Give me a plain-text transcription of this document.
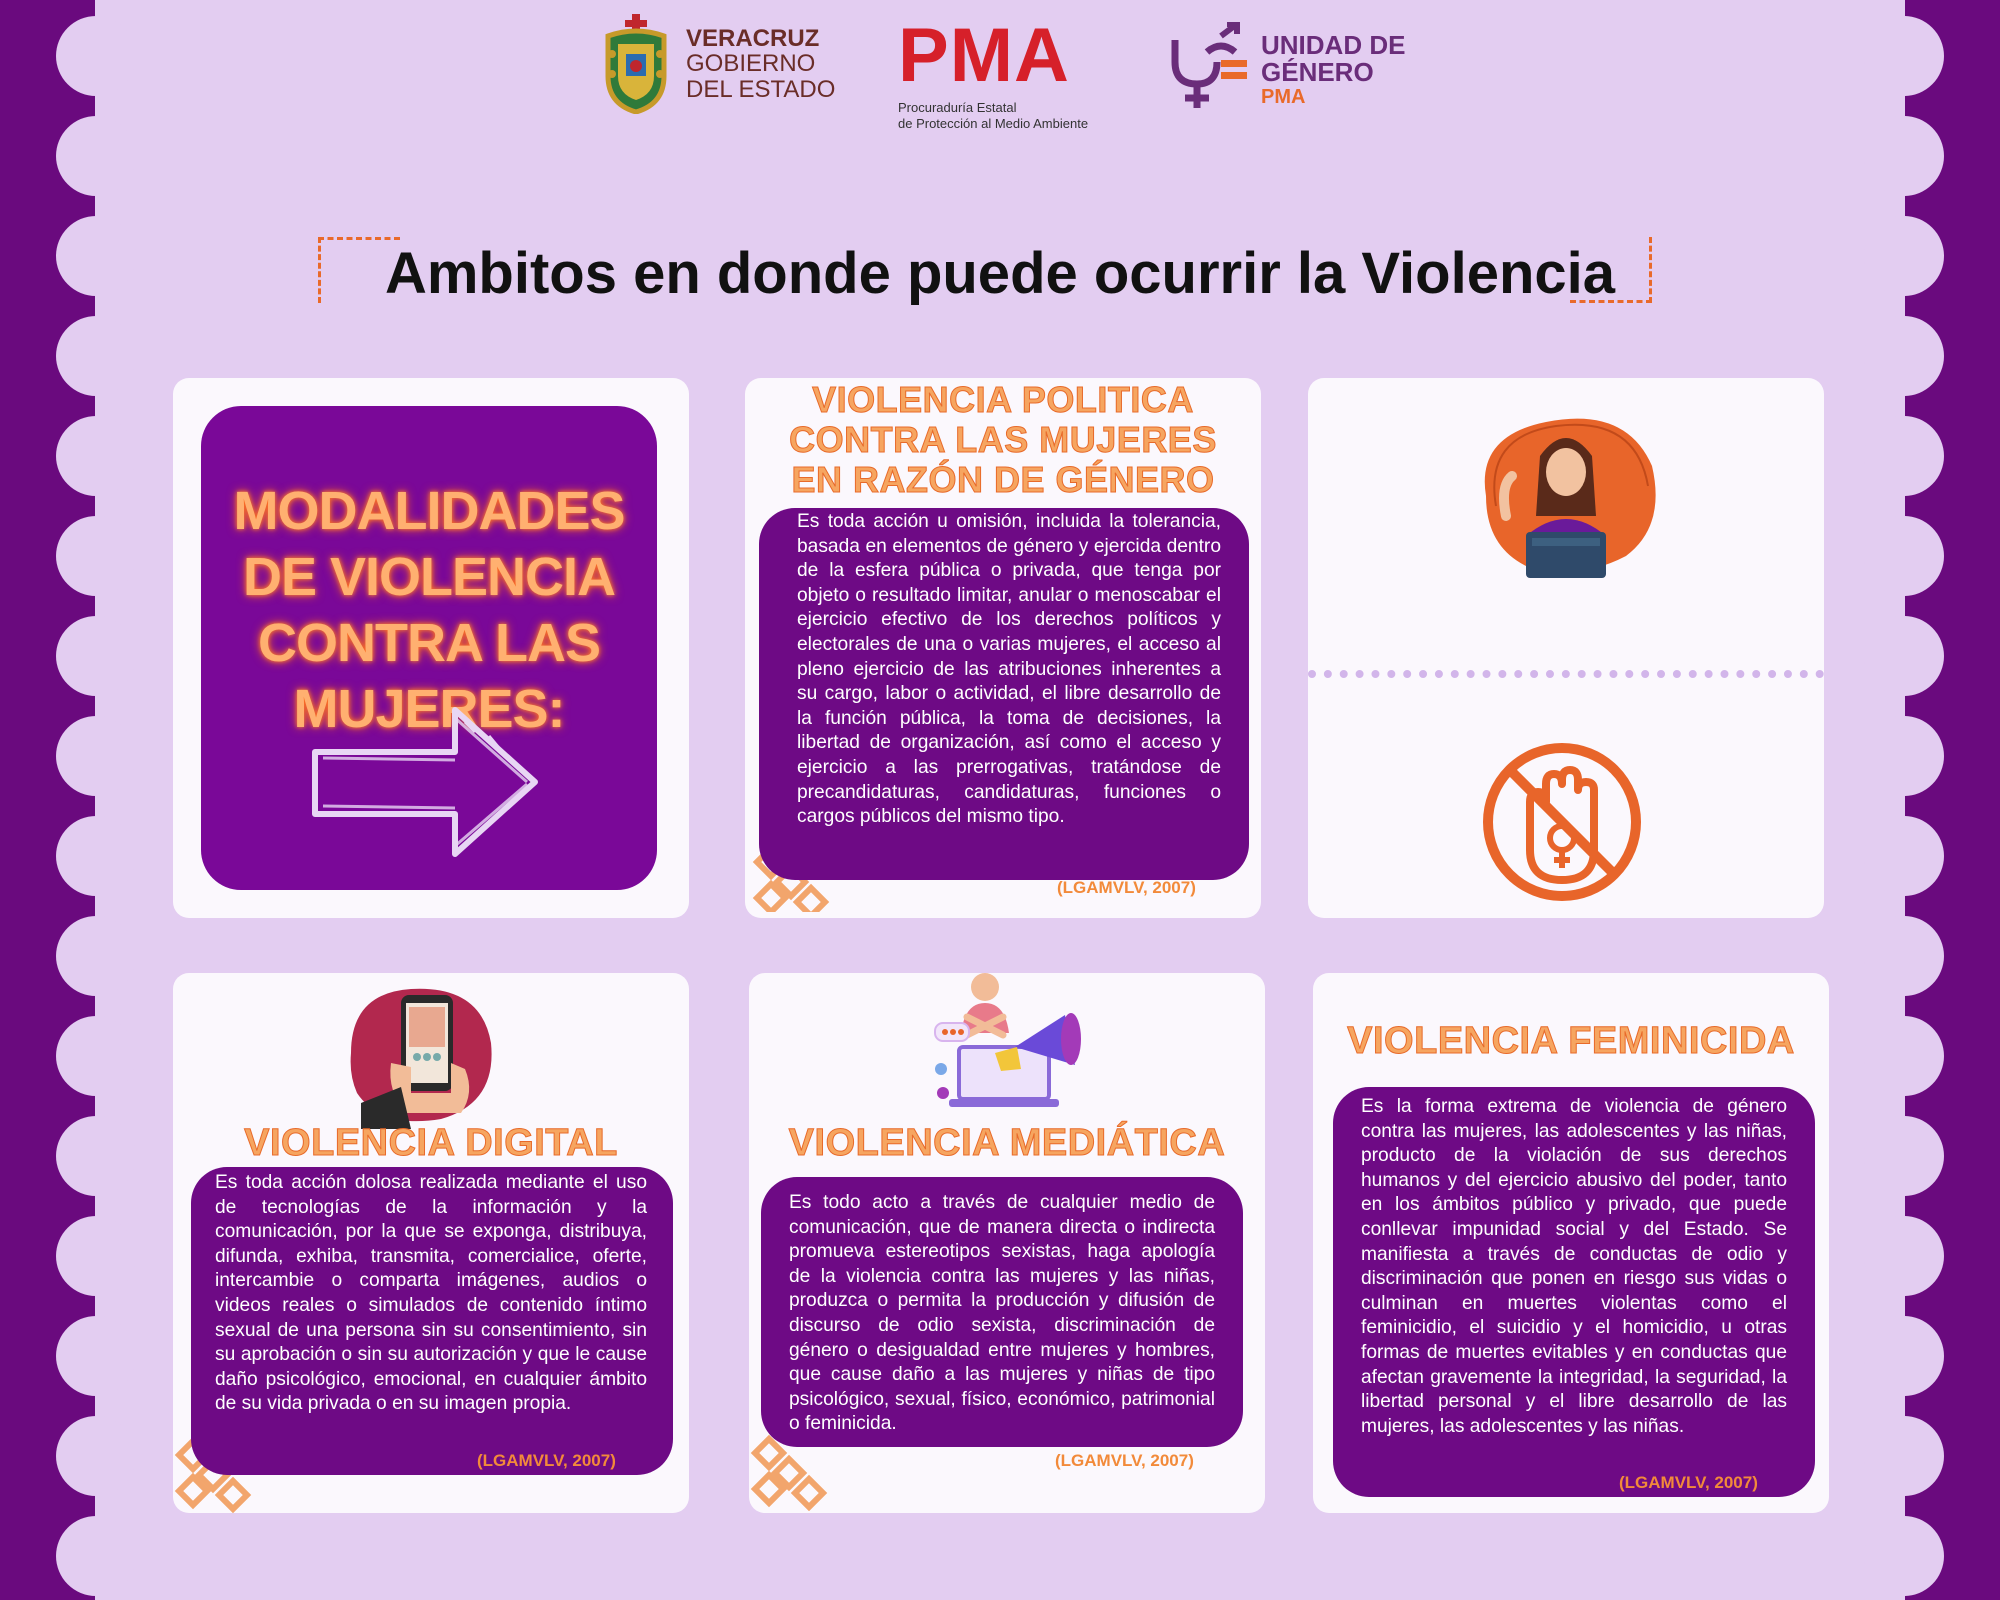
VERACRUZ
GOBIERNO
DEL ESTADO PMA
Procuraduría Estatal
de Protección al Medio Ambiente
UNIDAD DE
GÉNERO
PMA
Ambitos en donde puede ocurrir la Violencia
MODALIDADES DE VIOLENCIA CONTRA LAS MUJERES:
VIOLENCIA POLITICA CONTRA LAS MUJERES EN RAZÓN DE GÉNERO
Es toda acción u omisión, incluida la tolerancia, basada en elementos de género y ejercida dentro de la esfera pública o privada, que tenga por objeto o resultado limitar, anular o menoscabar el ejercicio efectivo de los derechos políticos y electorales de una o varias mujeres, el acceso al pleno ejercicio de las atribuciones inherentes a su cargo, labor o actividad, el libre desarrollo de la función pública, la toma de decisiones, la libertad de organización, así como el acceso y ejercicio a las prerrogativas, tratándose de precandidaturas, candidaturas, funciones o cargos públicos del mismo tipo.
(LGAMVLV, 2007)
VIOLENCIA DIGITAL
Es toda acción dolosa realizada mediante el uso de tecnologías de la información y la comunicación, por la que se exponga, distribuya, difunda, exhiba, transmita, comercialice, oferte, intercambie o comparta imágenes, audios o videos reales o simulados de contenido íntimo sexual de una persona sin su consentimiento, sin su aprobación o sin su autorización y que le cause daño psicológico, emocional, en cualquier ámbito de su vida privada o en su imagen propia.
(LGAMVLV, 2007)
VIOLENCIA MEDIÁTICA
Es todo acto a través de cualquier medio de comunicación, que de manera directa o indirecta promueva estereotipos sexistas, haga apología de la violencia contra las mujeres y las niñas, produzca o permita la producción y difusión de discurso de odio sexista, discriminación de género o desigualdad entre mujeres y hombres, que cause daño a las mujeres y niñas de tipo psicológico, sexual, físico, económico, patrimonial o feminicida.
(LGAMVLV, 2007)
VIOLENCIA FEMINICIDA
Es la forma extrema de violencia de género contra las mujeres, las adolescentes y las niñas, producto de la violación de sus derechos humanos y del ejercicio abusivo del poder, tanto en los ámbitos público y privado, que puede conllevar impunidad social y del Estado. Se manifiesta a través de conductas de odio y discriminación que ponen en riesgo sus vidas o culminan en muertes violentas como el feminicidio, el suicidio y el homicidio, u otras formas de muertes evitables y en conductas que afectan gravemente la integridad, la seguridad, la libertad personal y el libre desarrollo de las mujeres, las adolescentes y las niñas.
(LGAMVLV, 2007)
